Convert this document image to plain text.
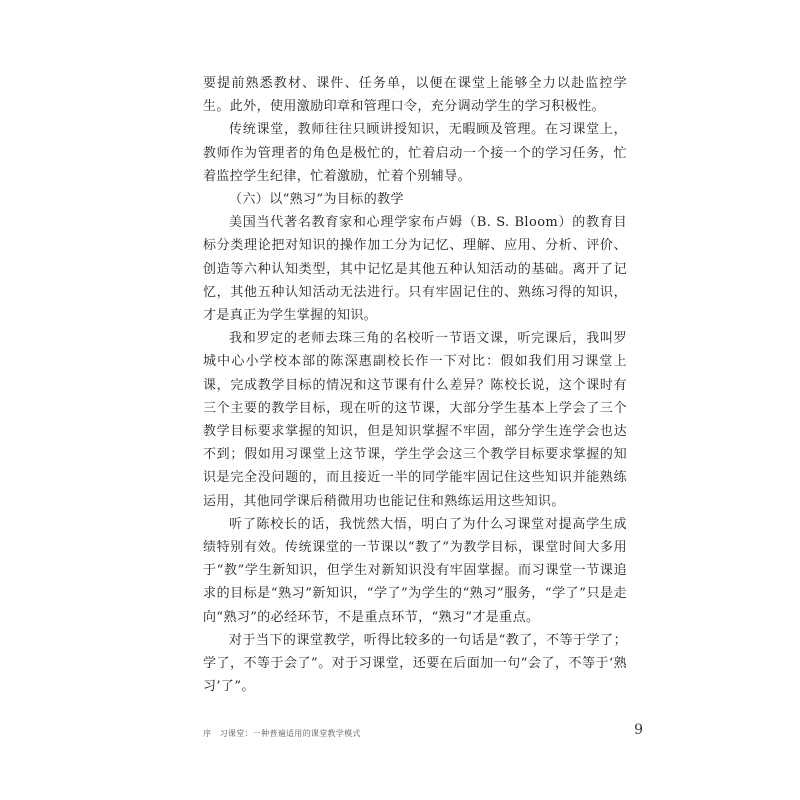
要提前熟悉教材、课件、任务单，以便在课堂上能够全力以赴监控学生。此外，使用激励印章和管理口令，充分调动学生的学习积极性。

传统课堂，教师往往只顾讲授知识，无暇顾及管理。在习课堂上，教师作为管理者的角色是极忙的，忙着启动一个接一个的学习任务，忙着监控学生纪律，忙着激励，忙着个别辅导。

（六）以“熟习”为目标的教学

美国当代著名教育家和心理学家布卢姆（B. S. Bloom）的教育目标分类理论把对知识的操作加工分为记忆、理解、应用、分析、评价、创造等六种认知类型，其中记忆是其他五种认知活动的基础。离开了记忆，其他五种认知活动无法进行。只有牢固记住的、熟练习得的知识，才是真正为学生掌握的知识。

我和罗定的老师去珠三角的名校听一节语文课，听完课后，我叫罗城中心小学校本部的陈深惠副校长作一下对比：假如我们用习课堂上课，完成教学目标的情况和这节课有什么差异？陈校长说，这个课时有三个主要的教学目标，现在听的这节课，大部分学生基本上学会了三个教学目标要求掌握的知识，但是知识掌握不牢固，部分学生连学会也达不到；假如用习课堂上这节课，学生学会这三个教学目标要求掌握的知识是完全没问题的，而且接近一半的同学能牢固记住这些知识并能熟练运用，其他同学课后稍微用功也能记住和熟练运用这些知识。

听了陈校长的话，我恍然大悟，明白了为什么习课堂对提高学生成绩特别有效。传统课堂的一节课以“教了”为教学目标，课堂时间大多用于“教”学生新知识，但学生对新知识没有牢固掌握。而习课堂一节课追求的目标是“熟习”新知识，“学了”为学生的“熟习”服务，“学了”只是走向“熟习”的必经环节，不是重点环节，“熟习”才是重点。

对于当下的课堂教学，听得比较多的一句话是“教了，不等于学了；学了，不等于会了”。对于习课堂，还要在后面加一句“会了，不等于‘熟习’了”。

序　习课堂：一种普遍适用的课堂教学模式	9
